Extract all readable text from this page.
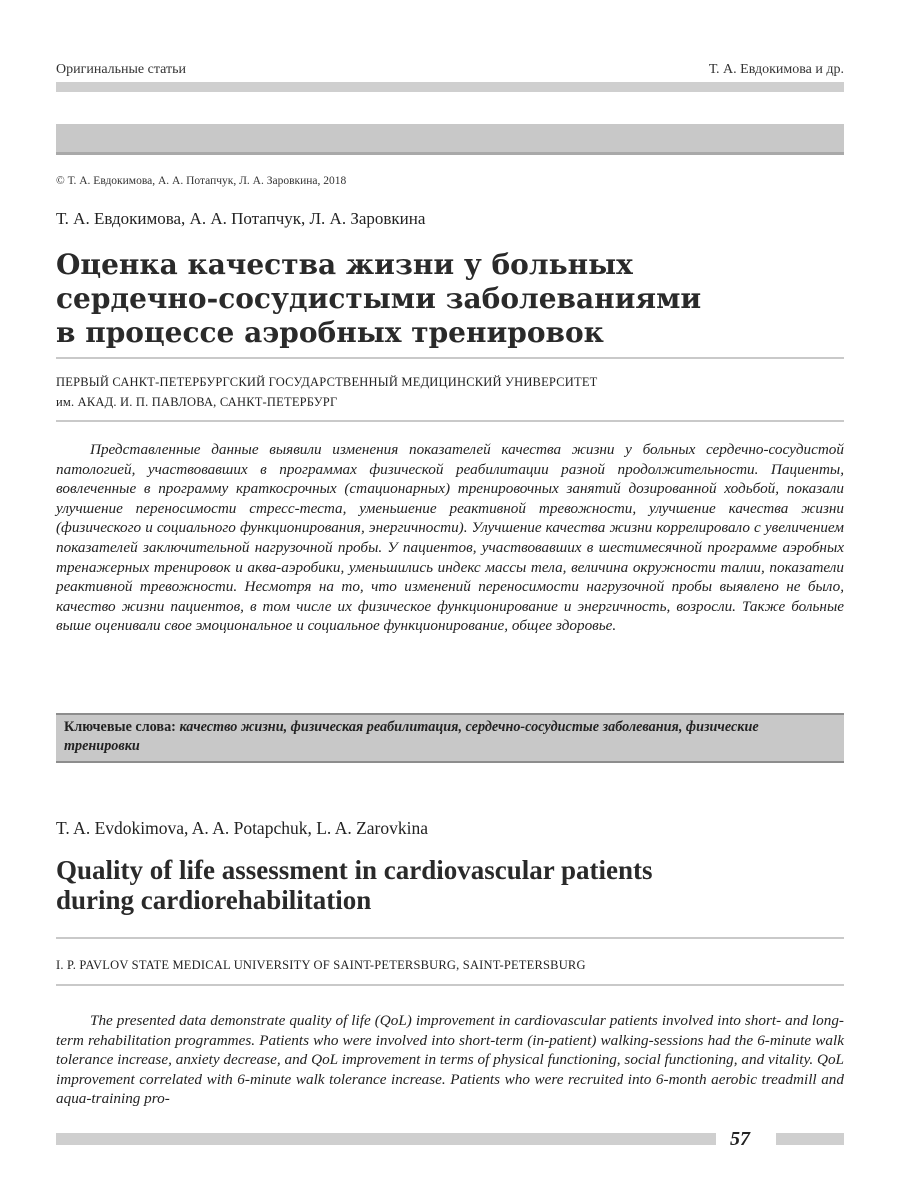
Оригинальные статьи	Т. А. Евдокимова и др.
© Т. А. Евдокимова, А. А. Потапчук, Л. А. Заровкина, 2018
Т. А. Евдокимова, А. А. Потапчук, Л. А. Заровкина
Оценка качества жизни у больных
сердечно-сосудистыми заболеваниями
в процессе аэробных тренировок
ПЕРВЫЙ САНКТ-ПЕТЕРБУРГСКИЙ ГОСУДАРСТВЕННЫЙ МЕДИЦИНСКИЙ УНИВЕРСИТЕТ
им. АКАД. И. П. ПАВЛОВА, САНКТ-ПЕТЕРБУРГ

Представленные данные выявили изменения показателей качества жизни у больных сердечно-сосудистой патологией, участвовавших в программах физической реабилитации разной продолжительности. Пациенты, вовлеченные в программу краткосрочных (стационарных) тренировочных занятий дозированной ходьбой, показали улучшение переносимости стресс-теста, уменьшение реактивной тревожности, улучшение качества жизни (физического и социального функционирования, энергичности). Улучшение качества жизни коррелировало с увеличением показателей заключительной нагрузочной пробы. У пациентов, участвовавших в шестимесячной программе аэробных тренажерных тренировок и аква-аэробики, уменьшились индекс массы тела, величина окружности талии, показатели реактивной тревожности. Несмотря на то, что изменений переносимости нагрузочной пробы выявлено не было, качество жизни пациентов, в том числе их физическое функционирование и энергичность, возросли. Также больные выше оценивали свое эмоциональное и социальное функционирование, общее здоровье.

Ключевые слова: качество жизни, физическая реабилитация, сердечно-сосудистые заболевания, физические тренировки
T. A. Evdokimova, A. A. Potapchuk, L. A. Zarovkina
Quality of life assessment in cardiovascular patients
during cardiorehabilitation
I. P. PAVLOV STATE MEDICAL UNIVERSITY OF SAINT-PETERSBURG, SAINT-PETERSBURG

The presented data demonstrate quality of life (QoL) improvement in cardiovascular patients involved into short- and long-term rehabilitation programmes. Patients who were involved into short-term (in-patient) walking-sessions had the 6-minute walk tolerance increase, anxiety decrease, and QoL improvement in terms of physical functioning, social functioning, and vitality. QoL improvement correlated with 6-minute walk tolerance increase. Patients who were recruited into 6-month aerobic treadmill and aqua-training pro-

57
